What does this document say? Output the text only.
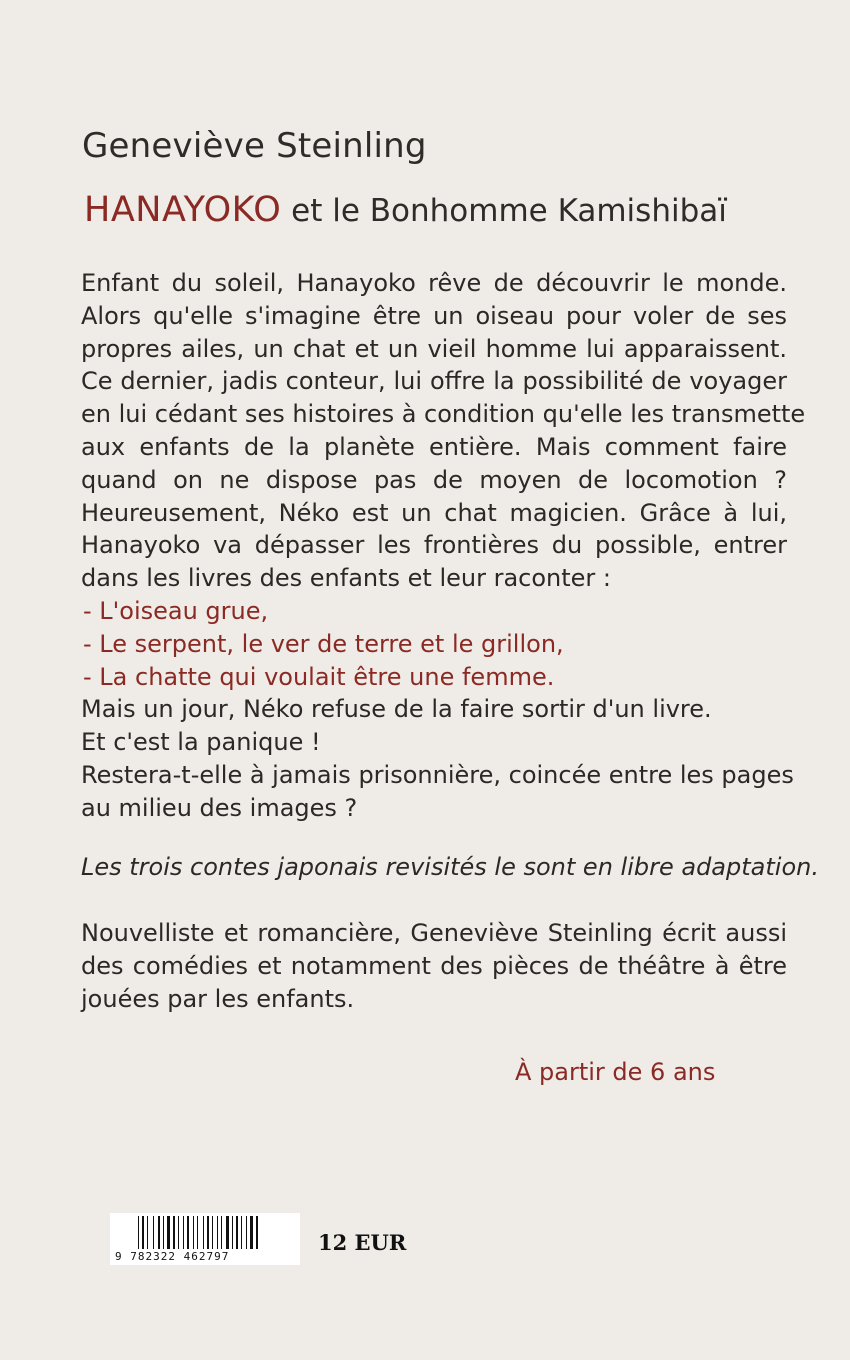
Geneviève Steinling
HANAYOKO et le Bonhomme Kamishibaï
Enfant du soleil, Hanayoko rêve de découvrir le monde.
Alors qu'elle s'imagine être un oiseau pour voler de ses
propres ailes, un chat et un vieil homme lui apparaissent.
Ce dernier, jadis conteur, lui offre la possibilité de voyager
en lui cédant ses histoires à condition qu'elle les transmette
aux enfants de la planète entière. Mais comment faire
quand on ne dispose pas de moyen de locomotion ?
Heureusement, Néko est un chat magicien. Grâce à lui,
Hanayoko va dépasser les frontières du possible, entrer
dans les livres des enfants et leur raconter :
- L'oiseau grue,
- Le serpent, le ver de terre et le grillon,
- La chatte qui voulait être une femme.
Mais un jour, Néko refuse de la faire sortir d'un livre.
Et c'est la panique !
Restera-t-elle à jamais prisonnière, coincée entre les pages
au milieu des images ?
Les trois contes japonais revisités le sont en libre adaptation.
Nouvelliste et romancière, Geneviève Steinling écrit aussi
des comédies et notamment des pièces de théâtre à être
jouées par les enfants.
À partir de 6 ans
9 782322 462797
12 EUR
